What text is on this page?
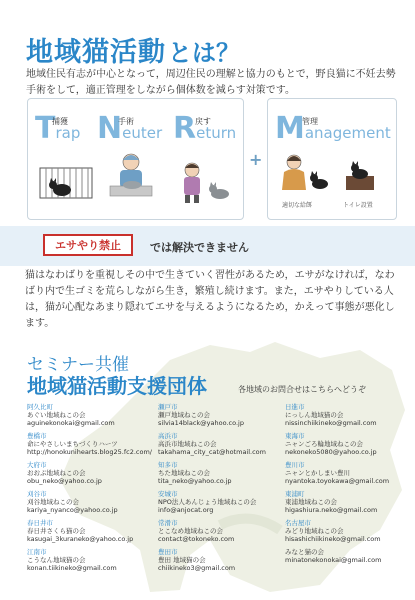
地域猫活動 とは？
地域住民有志が中心となって，周辺住民の理解と協力のもとで，野良猫に不妊去勢手術をして，適正管理をしながら個体数を減らす対策です。
Trap
捕獲 Neuter
手術 Return
戻す
+
Management
管理
適切な給餌	トイレ設置
エサやり禁止	では解決できません
猫はなわばりを重視しその中で生きていく習性があるため，エサがなければ，なわばり内で生ゴミを荒らしながら生き，繁殖し続けます。また，エサやりしている人は，猫が心配なあまり隠れてエサを与えるようになるため，かえって事態が悪化します。
セミナー共催
地域猫活動支援団体	各地域のお問合せはこちらへどうぞ
阿久比町
あぐい地域ねこの会
aguinekonokai@gmail.com
豊橋市
命にやさしいまちづくりハーツ
http://honokunihearts.blog25.fc2.com/
大府市
おおぶ地域ねこの会
obu_neko@yahoo.co.jp
刈谷市
刈谷地域ねこの会
kariya_nyanco@yahoo.co.jp
春日井市
春日井さくら猫の会
kasugai_3kuraneko@yahoo.co.jp
江南市
こうなん地域猫の会
konan.tiikineko@gmail.com
瀬戸市
瀬戸地域ねこの会
silvia14black@yahoo.co.jp
高浜市
高浜市地域ねこの会
takahama_city_cat@hotmail.com
知多市
ちた地域ねこの会
tita_neko@yahoo.co.jp
安城市
NPO法人あんじょう地域ねこの会
info@anjocat.org
常滑市
とこなめ地域ねこの会
contact@tokoneko.com
豊田市
豊田 地域猫の会
chiikineko3@gmail.com
日進市
にっしん地域猫の会
nissinchiikineko@gmail.com
東海市
ニャンごろ輪地域ねこの会
nekoneko5080@yahoo.co.jp
豊川市
ニャンとかしまい豊川
nyantoka.toyokawa@gmail.com
東浦町
東浦地域ねこの会
higashiura.neko@gmail.com
名古屋市
みどり地域ねこの会
hisashichiikineko@gmail.com
みなと猫の会
minatonekonokai@gmail.com
